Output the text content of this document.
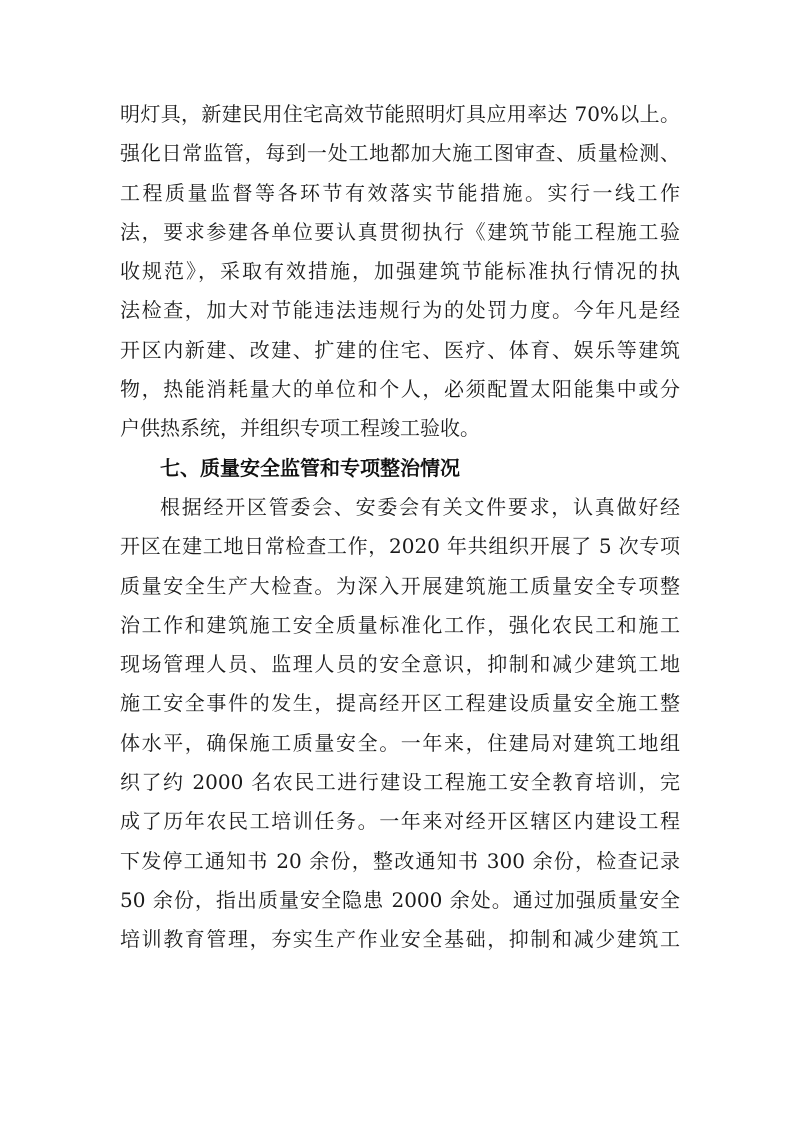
明灯具，新建民用住宅高效节能照明灯具应用率达 70%以上。
强化日常监管，每到一处工地都加大施工图审查、质量检测、
工程质量监督等各环节有效落实节能措施。实行一线工作
法，要求参建各单位要认真贯彻执行《建筑节能工程施工验
收规范》，采取有效措施，加强建筑节能标准执行情况的执
法检查，加大对节能违法违规行为的处罚力度。今年凡是经
开区内新建、改建、扩建的住宅、医疗、体育、娱乐等建筑
物，热能消耗量大的单位和个人，必须配置太阳能集中或分
户供热系统，并组织专项工程竣工验收。
七、质量安全监管和专项整治情况
根据经开区管委会、安委会有关文件要求，认真做好经
开区在建工地日常检查工作，2020 年共组织开展了 5 次专项
质量安全生产大检查。为深入开展建筑施工质量安全专项整
治工作和建筑施工安全质量标准化工作，强化农民工和施工
现场管理人员、监理人员的安全意识，抑制和减少建筑工地
施工安全事件的发生，提高经开区工程建设质量安全施工整
体水平，确保施工质量安全。一年来，住建局对建筑工地组
织了约 2000 名农民工进行建设工程施工安全教育培训，完
成了历年农民工培训任务。一年来对经开区辖区内建设工程
下发停工通知书 20 余份，整改通知书 300 余份，检查记录
50 余份，指出质量安全隐患 2000 余处。通过加强质量安全
培训教育管理，夯实生产作业安全基础，抑制和减少建筑工
